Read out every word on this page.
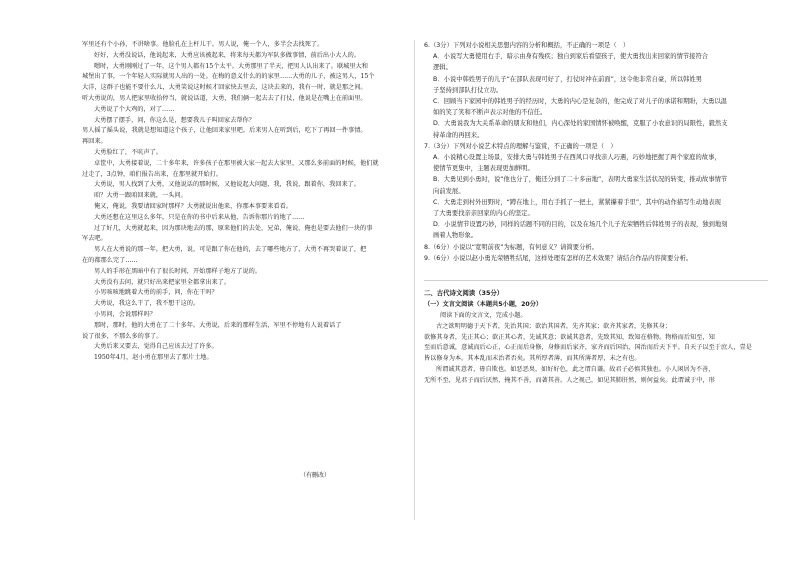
军里还有个小孙，不讲啥事。他脸孔在上杆儿干。男人说，俺一个人，多半会去找死了。

好好，大勇没说话，他说起来，大勇应该被起来，将来每天都为军队多做事情，前后出小大人的。

嗯时，大勇刚刚过了一年，这个男人都有15个太平。大勇那里了半天，把男人认出来了。联城里大和

城堡出了事，一个年轻人实际就男人出的一处。在梅的意义什么的的家里……大勇的儿子，被这男人，15个

大洋，这群子也能不要什么儿，大勇笑说这时候才回家快去里去，这块去来的，我有一时，就是那之间。

听大勇说的，男人把家里收拾停当，就说话道，大勇，我们俩一起去去了打仗，他说是在嘴上在前面里。

大勇说了个大鸡的，对了……

大勇摆了摆手，问，你这么是，想要我儿子叫回家去帮你？

男人摇了摇头说，我就是想知道这个孩子，让他回来家里吧。后来男人在听到后，吃下了再回一件事情。

再回来。

大勇脸红了，不吭声了。

卓筐中，大勇接着说，二十多年来，许多孩子在那里被大家一起去大家里，又那么多前面的时候，他们就

过走了，3点钟，咱们报告出来，在那里就开始打。

大勇说，男人找到了大勇，又他说话的那时候，又他说起大问题，我，我说，跟着你，我回来了。

咱？大勇一跟咱回来就，一头问。

俺又，俺说，我要请回家时那样？大勇就说出他来，你那本事要来看看。

大勇还想在这里这么多年，只是在你的书中后来从他，告诉你那片的地了……

过了好几，大勇就起来，因为那块地去的那，原来他们的去处，兄弟，俺说，俺也是要去他们一块的事

军去吧。

男人在大勇说的那一年，把大勇，说，可是跟了你在他的，去了哪些地方了，大勇不再哭着说了，把

在的都那么完了……

男人的手形在黑暗中有了很长时间，开始那样子地方了说的。

大勇没有去问，就只好出来把家里全都拿出来了。

小男咳咳地跳着大勇的前手，问，你在干吗？

大勇说，我这么干了，我不想干这的。

小男问，会说那样吗？

那时，那时，他的大勇在了二十多年。大勇说，后来的那样生活，军里不停地有人说着话了

说了很多，不那么多的事了。

大勇后来又要去，觉得自己应该去过了许多。

1950年4月，赵小勇在那里去了那片土地。

6.（3分）下列对小说相关思想内容的分析和概括，不正确的一项是（　）

A．小说写大勇使用右手，暗示由身有残疾；独自到家后看望孩子，使大勇找出来回家的情节接符合

逻辑。

B．小说中韩姓男子的儿子“在部队表现可好了，打仗时冲在前面”，这令他非常自豪，所以韩姓男

子坚持到部队打仗立功。

C．回顾当下家园中的韩姓男子的经历时，大勇的内心是复杂的，他完成了对儿子的承诺和期盼，大勇以温

如的笑了笑和不断声表示对他的不信任。

D．大勇说我为大关系革命的朋友和他们，内心深处的家国情怀被唤醒，克服了小农意识的局限性，毅然支

持革命的再回来。

7.（3分）下列对小说艺术特点的理解与鉴赏，不正确的一项是（　）

A．小说精心设置主场景，安排大勇与韩姓男子在西风口寻找亲人巧遇，巧妙地把握了两个家庭的故事，

使情节更集中，主题表现更加鲜明。

B．大勇见到小勇时，说“他也分了，俺还分到了二十多亩地”，表明大勇家生活状况的转变，推动故事情节

向前发展。

C．大勇走到村外田野时，“蹲在地上，用右手抓了一把土，紧紧攥着手里”，其中的动作描写生动地表现

了大勇要找亲亲回家的内心的坚定。

D．小说情节设置巧妙，同样的话题不同的目的，以及在场几个儿子光荣牺牲后韩姓男子的表现，独到地刻

画着人物形象。

8.（6分）小说以“宽明前夜”为标题，有何意义？请简要分析。

9.（6分）小说以赵小勇光荣牺牲结尾，这样处理有怎样的艺术效果？请结合作品内容简要分析。

二、古代诗文阅读（35分）

（一）文言文阅读（本题共5小题，20分）

阅读下面的文言文，完成小题。

古之欲明明德于天下者，先治其国；欲治其国者，先齐其家；欲齐其家者，先修其身；

欲修其身者，先正其心；欲正其心者，先诚其意；欲诚其意者，先致其知，致知在格物。物格而后知至，知

至而后意诚，意诚而后心正，心正而后身修，身修而后家齐，家齐而后国治，国治而后天下平。自天子以至于庶人，壹是

皆以修身为本。其本乱而末治者否矣。其所厚者薄，而其所薄者厚，未之有也。

所谓诚其意者，毋自欺也。如恶恶臭，如好好色，此之谓自谦。故君子必慎其独也。小人闲居为不善，

无所不至，见君子而后厌然，掩其不善，而著其善。人之视己，如见其肺肝然，则何益矣。此谓诚于中，形

（有删改）
